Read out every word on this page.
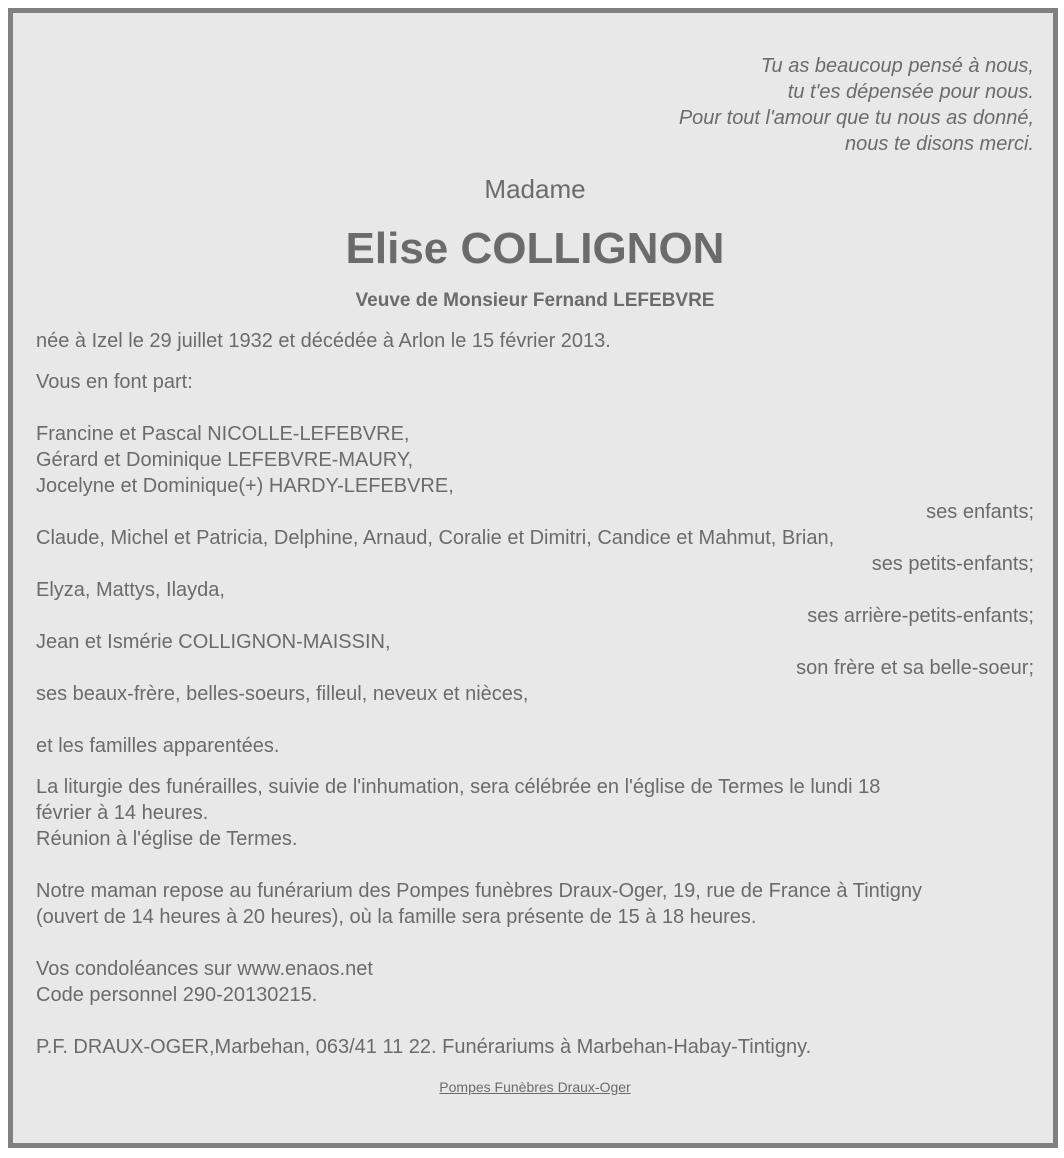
Tu as beaucoup pensé à nous,
tu t'es dépensée pour nous.
Pour tout l'amour que tu nous as donné,
nous te disons merci.
Madame
Elise COLLIGNON
Veuve de Monsieur Fernand LEFEBVRE
née à Izel le 29 juillet 1932 et décédée à Arlon le 15 février 2013.
Vous en font part:
Francine et Pascal NICOLLE-LEFEBVRE,
Gérard et Dominique LEFEBVRE-MAURY,
Jocelyne et Dominique(+) HARDY-LEFEBVRE,
ses enfants;
Claude, Michel et Patricia, Delphine, Arnaud, Coralie et Dimitri, Candice et Mahmut, Brian,
ses petits-enfants;
Elyza, Mattys, Ilayda,
ses arrière-petits-enfants;
Jean et Ismérie COLLIGNON-MAISSIN,
son frère et sa belle-soeur;
ses beaux-frère, belles-soeurs, filleul, neveux et nièces,
et les familles apparentées.
La liturgie des funérailles, suivie de l'inhumation, sera célébrée en l'église de Termes le lundi 18
février à 14 heures.
Réunion à l'église de Termes.
Notre maman repose au funérarium des Pompes funèbres Draux-Oger, 19, rue de France à Tintigny
(ouvert de 14 heures à 20 heures), où la famille sera présente de 15 à 18 heures.
Vos condoléances sur www.enaos.net
Code personnel 290-20130215.
P.F. DRAUX-OGER,Marbehan, 063/41 11 22. Funérariums à Marbehan-Habay-Tintigny.
Pompes Funèbres Draux-Oger
